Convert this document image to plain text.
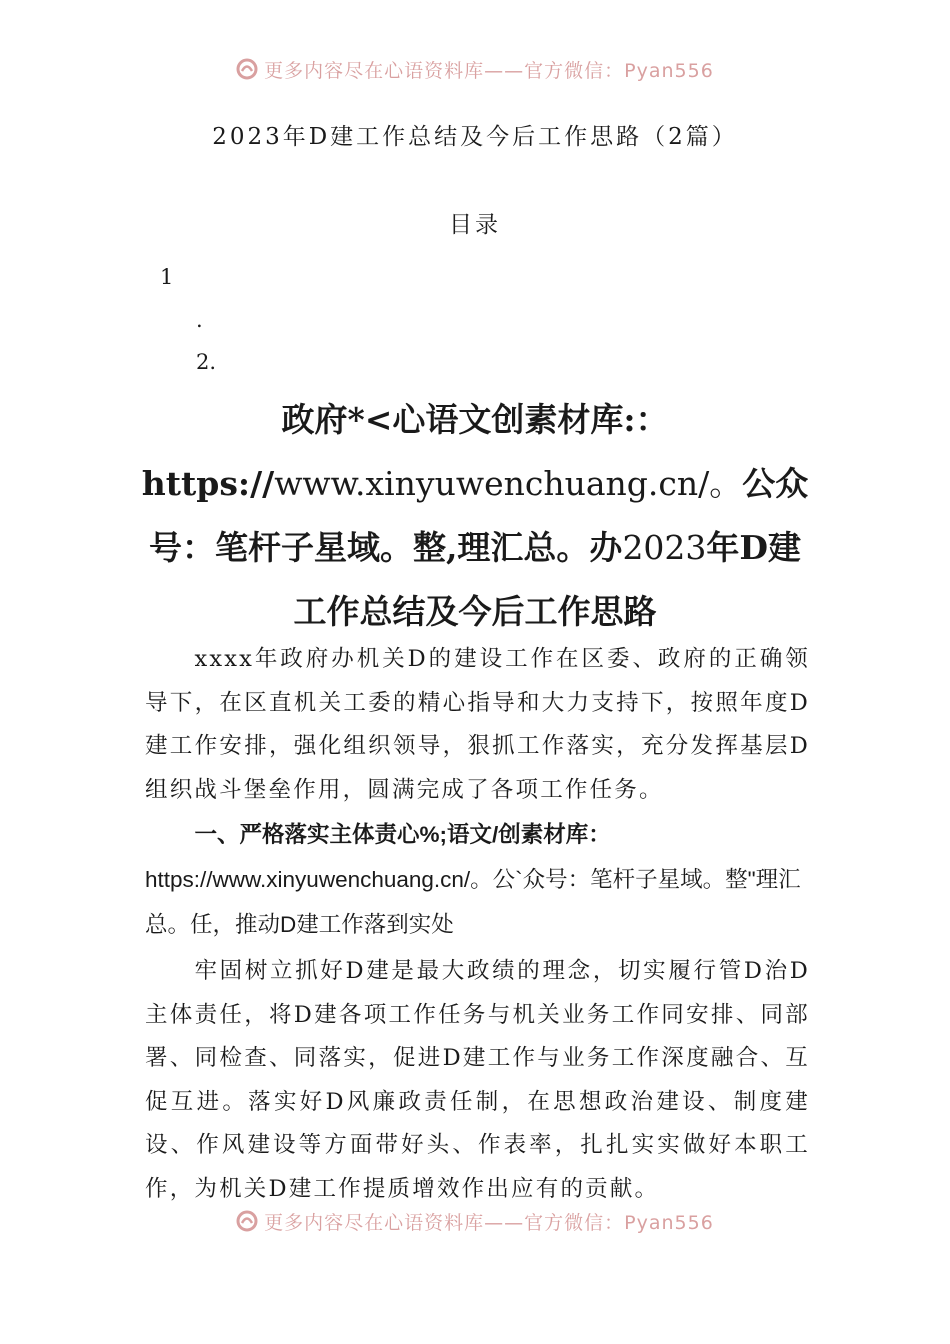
更多内容尽在心语资料库——官方微信：Pyan556
2023年D建工作总结及今后工作思路（2篇）
目录
1
.
2.
政府*<心语文创素材库:：https://www.xinyuwenchuang.cn/。公众号：笔杆子星域。整,理汇总。办2023年D建工作总结及今后工作思路
xxxx年政府办机关D的建设工作在区委、政府的正确领导下，在区直机关工委的精心指导和大力支持下，按照年度D建工作安排，强化组织领导，狠抓工作落实，充分发挥基层D组织战斗堡垒作用，圆满完成了各项工作任务。
一、严格落实主体责心%;语文/创素材库：https://www.xinyuwenchuang.cn/。公`众号：笔杆子星域。整"理汇总。任，推动D建工作落到实处
牢固树立抓好D建是最大政绩的理念，切实履行管D治D主体责任，将D建各项工作任务与机关业务工作同安排、同部署、同检查、同落实，促进D建工作与业务工作深度融合、互促互进。落实好D风廉政责任制，在思想政治建设、制度建设、作风建设等方面带好头、作表率，扎扎实实做好本职工作，为机关D建工作提质增效作出应有的贡献。
更多内容尽在心语资料库——官方微信：Pyan556
